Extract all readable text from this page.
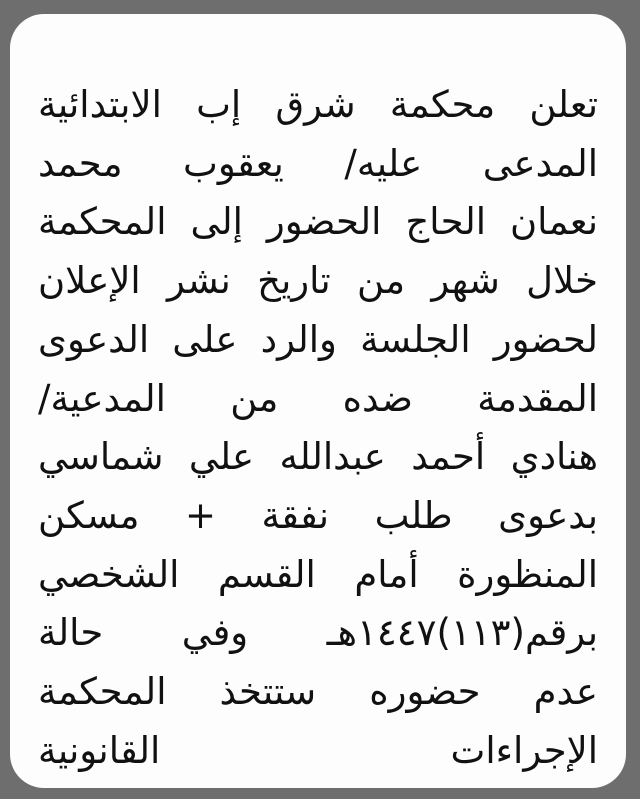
تعلن محكمة شرق إب الابتدائية
المدعى عليه/ يعقوب محمد
نعمان الحاج الحضور إلى المحكمة
خلال شهر من تاريخ نشر الإعلان
لحضور الجلسة والرد على الدعوى
المقدمة ضده من المدعية/
هنادي أحمد عبدالله علي شماسي
بدعوى طلب نفقة + مسكن
المنظورة أمام القسم الشخصي
برقم(١١٣)١٤٤٧هـ وفي حالة
عدم حضوره ستتخذ المحكمة
الإجراءات القانونية
